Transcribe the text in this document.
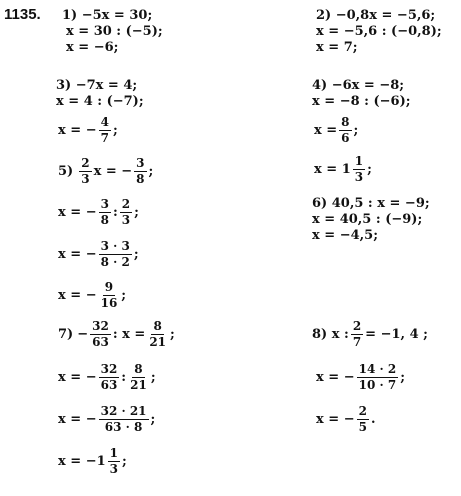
1135. 1) −5x = 30;
x = 30 : (−5);
x = −6;
2) −0,8x = −5,6;
x = −5,6 : (−0,8);
x = 7;
3) −7x = 4;
x = 4 : (−7);
x = − $\frac{4}{7}$ ;
4) −6x = −8;
x = −8 : (−6);
$x = \frac{8}{6}$ ;
x = 1
1
3 ;
5)
2
3 x = − $\frac{3}{8}$ ;
x = − $\frac{3}{8}$ :
2
3 ;
x = − $\frac{3 \cdot 3}{8 \cdot 2}$ ;
x = − $\frac{9}{16}$ ;
6) 40,5 : x = −9;
x = 40,5 : (−9);
x = −4,5;
$7) - \frac{32}{63}$ : $x = \frac{8}{21}$ ;
x = − $\frac{32}{63}$ :
8
21 ;
x = − $\frac{32 \cdot 21}{63 \cdot 8}$ ;
x = −1
1
3 ;
8) x : $\frac{2}{7} = -1$, 4 ;
x = − $\frac{14 \cdot 2}{10 \cdot 7}$ ;
x = − $\frac{2}{5}$ .
